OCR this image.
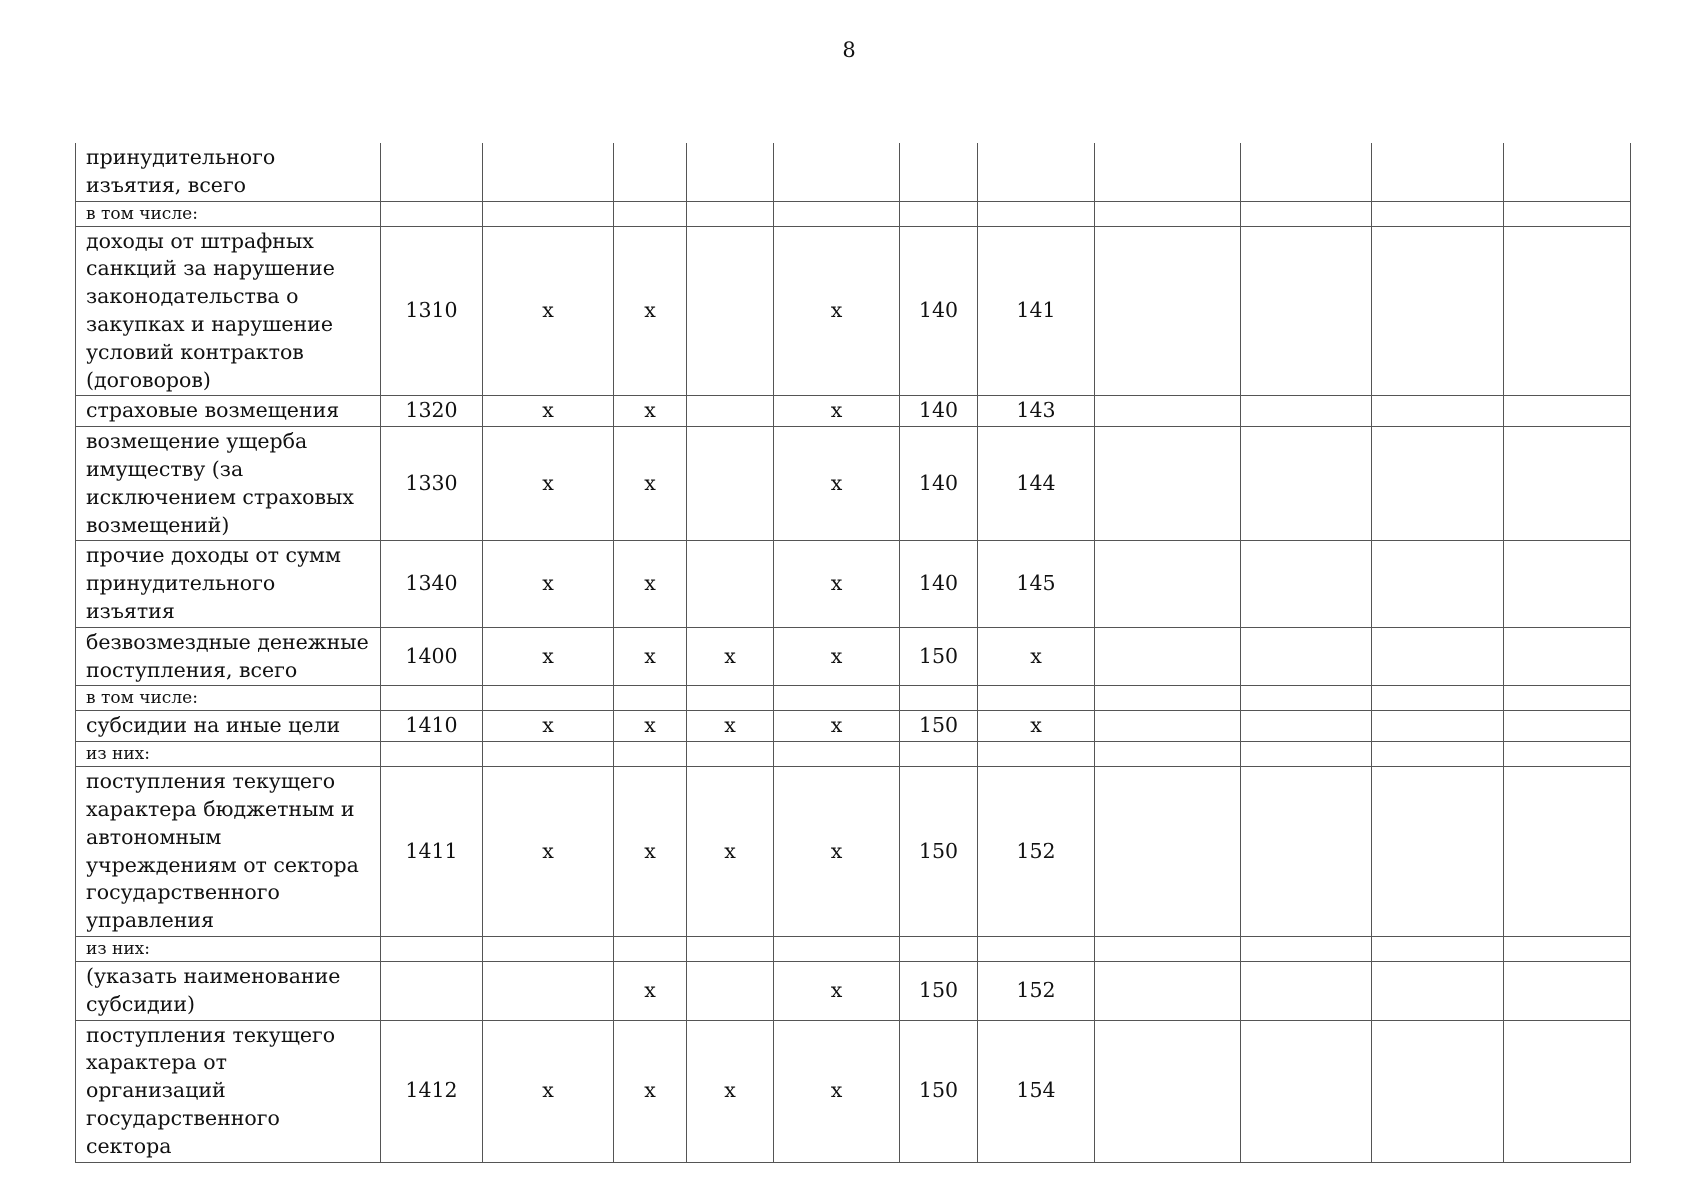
8
принудительного изъятия, всего											
в том числе:											
доходы от штрафных санкций за нарушение законодательства о закупках и нарушение условий контрактов (договоров)	1310	х	х		х	140	141				
страховые возмещения	1320	х	х		х	140	143				
возмещение ущерба имуществу (за исключением страховых возмещений)	1330	х	х		х	140	144				
прочие доходы от сумм принудительного изъятия	1340	х	х		х	140	145				
безвозмездные денежные поступления, всего	1400	х	х	х	х	150	х				
в том числе:											
субсидии на иные цели	1410	х	х	х	х	150	х				
из них:											
поступления текущего характера бюджетным и автономным учреждениям от сектора государственного управления	1411	х	х	х	х	150	152				
из них:											
(указать наименование субсидии)			х		х	150	152				
поступления текущего характера от организаций государственного сектора	1412	х	х	х	х	150	154				
